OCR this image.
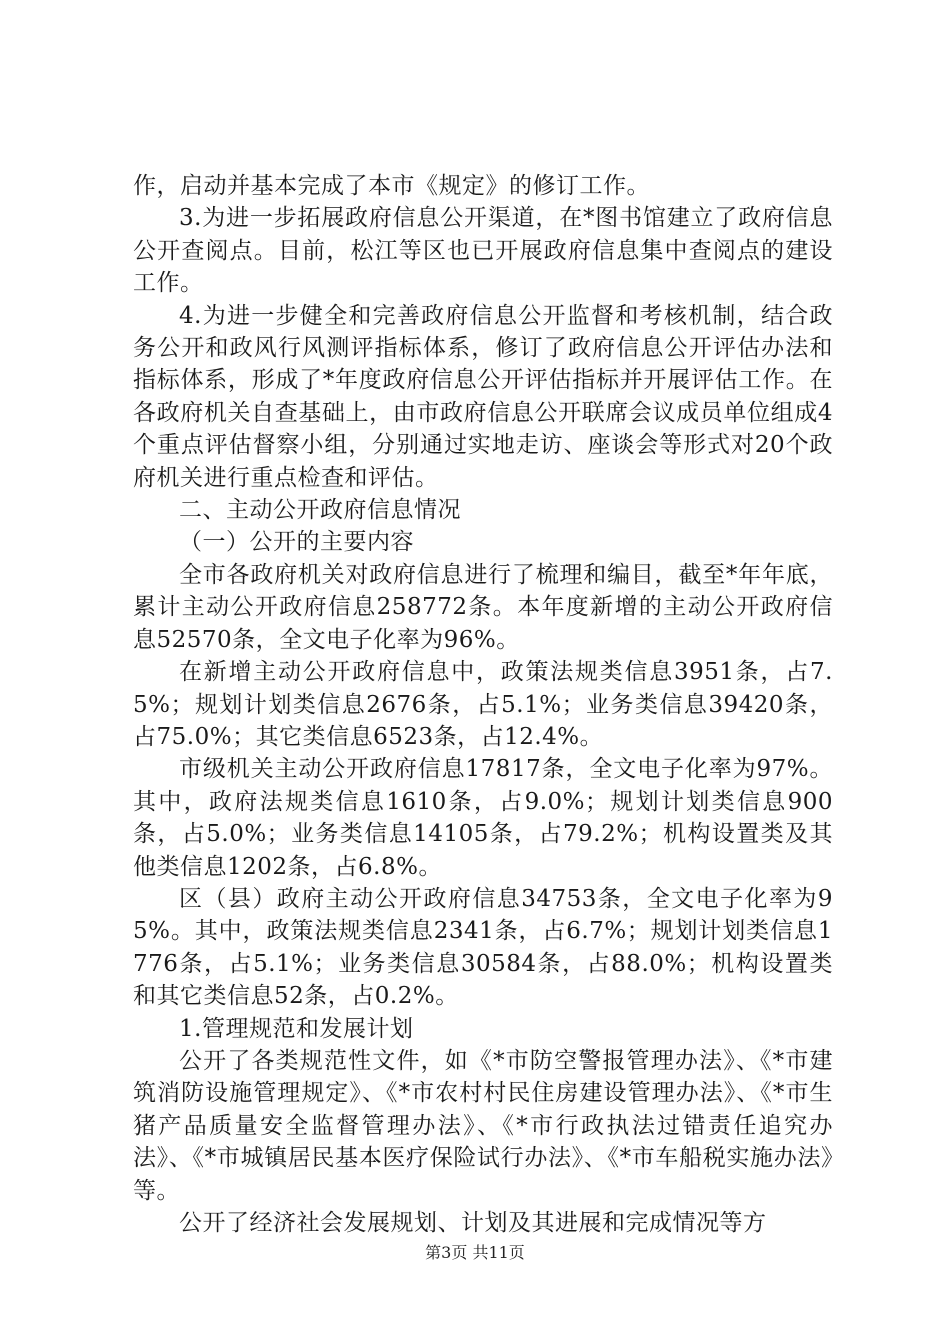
作，启动并基本完成了本市《规定》的修订工作。

3.为进一步拓展政府信息公开渠道，在*图书馆建立了政府信息公开查阅点。目前，松江等区也已开展政府信息集中查阅点的建设工作。

4.为进一步健全和完善政府信息公开监督和考核机制，结合政务公开和政风行风测评指标体系，修订了政府信息公开评估办法和指标体系，形成了*年度政府信息公开评估指标并开展评估工作。在各政府机关自查基础上，由市政府信息公开联席会议成员单位组成4个重点评估督察小组，分别通过实地走访、座谈会等形式对20个政府机关进行重点检查和评估。

二、主动公开政府信息情况

（一）公开的主要内容

全市各政府机关对政府信息进行了梳理和编目，截至*年年底，累计主动公开政府信息258772条。本年度新增的主动公开政府信息52570条，全文电子化率为96%。

在新增主动公开政府信息中，政策法规类信息3951条，占7.5%；规划计划类信息2676条，占5.1%；业务类信息39420条，占75.0%；其它类信息6523条，占12.4%。

市级机关主动公开政府信息17817条，全文电子化率为97%。其中，政府法规类信息1610条，占9.0%；规划计划类信息900条，占5.0%；业务类信息14105条，占79.2%；机构设置类及其他类信息1202条，占6.8%。

区（县）政府主动公开政府信息34753条，全文电子化率为95%。其中，政策法规类信息2341条，占6.7%；规划计划类信息1776条，占5.1%；业务类信息30584条，占88.0%；机构设置类和其它类信息52条，占0.2%。

1.管理规范和发展计划

公开了各类规范性文件，如《*市防空警报管理办法》、《*市建筑消防设施管理规定》、《*市农村村民住房建设管理办法》、《*市生猪产品质量安全监督管理办法》、《*市行政执法过错责任追究办法》、《*市城镇居民基本医疗保险试行办法》、《*市车船税实施办法》等。

公开了经济社会发展规划、计划及其进展和完成情况等方

第3页 共11页
